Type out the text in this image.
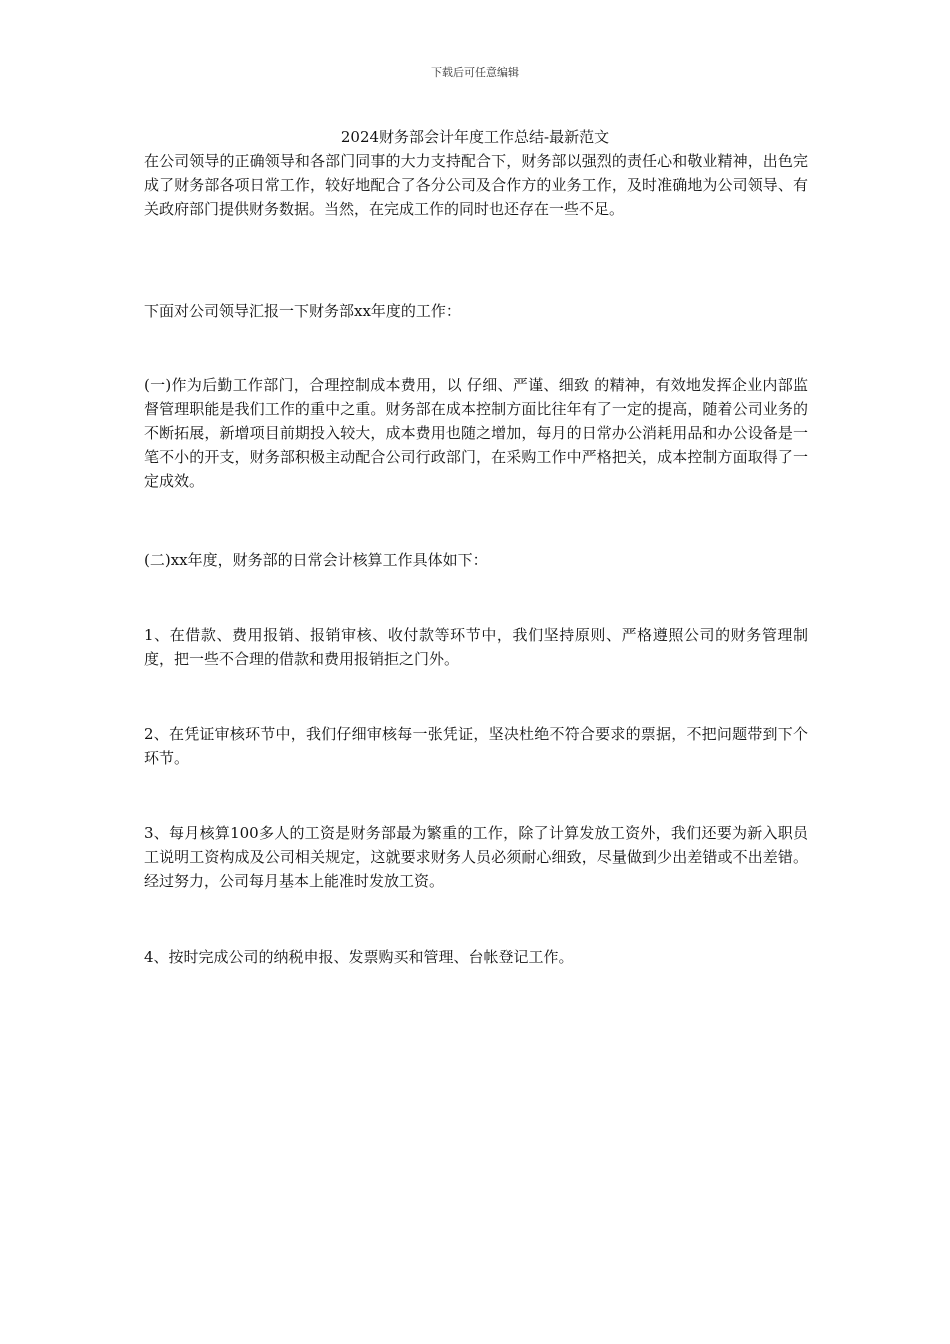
下载后可任意编辑
2024财务部会计年度工作总结-最新范文

在公司领导的正确领导和各部门同事的大力支持配合下，财务部以强烈的责任心和敬业精神，出色完成了财务部各项日常工作，较好地配合了各分公司及合作方的业务工作，及时准确地为公司领导、有关政府部门提供财务数据。当然，在完成工作的同时也还存在一些不足。

下面对公司领导汇报一下财务部xx年度的工作：

(一)作为后勤工作部门，合理控制成本费用，以 仔细、严谨、细致 的精神，有效地发挥企业内部监督管理职能是我们工作的重中之重。财务部在成本控制方面比往年有了一定的提高，随着公司业务的不断拓展，新增项目前期投入较大，成本费用也随之增加，每月的日常办公消耗用品和办公设备是一笔不小的开支，财务部积极主动配合公司行政部门，在采购工作中严格把关，成本控制方面取得了一定成效。

(二)xx年度，财务部的日常会计核算工作具体如下：

1、在借款、费用报销、报销审核、收付款等环节中，我们坚持原则、严格遵照公司的财务管理制度，把一些不合理的借款和费用报销拒之门外。

2、在凭证审核环节中，我们仔细审核每一张凭证，坚决杜绝不符合要求的票据，不把问题带到下个环节。

3、每月核算100多人的工资是财务部最为繁重的工作，除了计算发放工资外，我们还要为新入职员工说明工资构成及公司相关规定，这就要求财务人员必须耐心细致，尽量做到少出差错或不出差错。经过努力，公司每月基本上能准时发放工资。

4、按时完成公司的纳税申报、发票购买和管理、台帐登记工作。
